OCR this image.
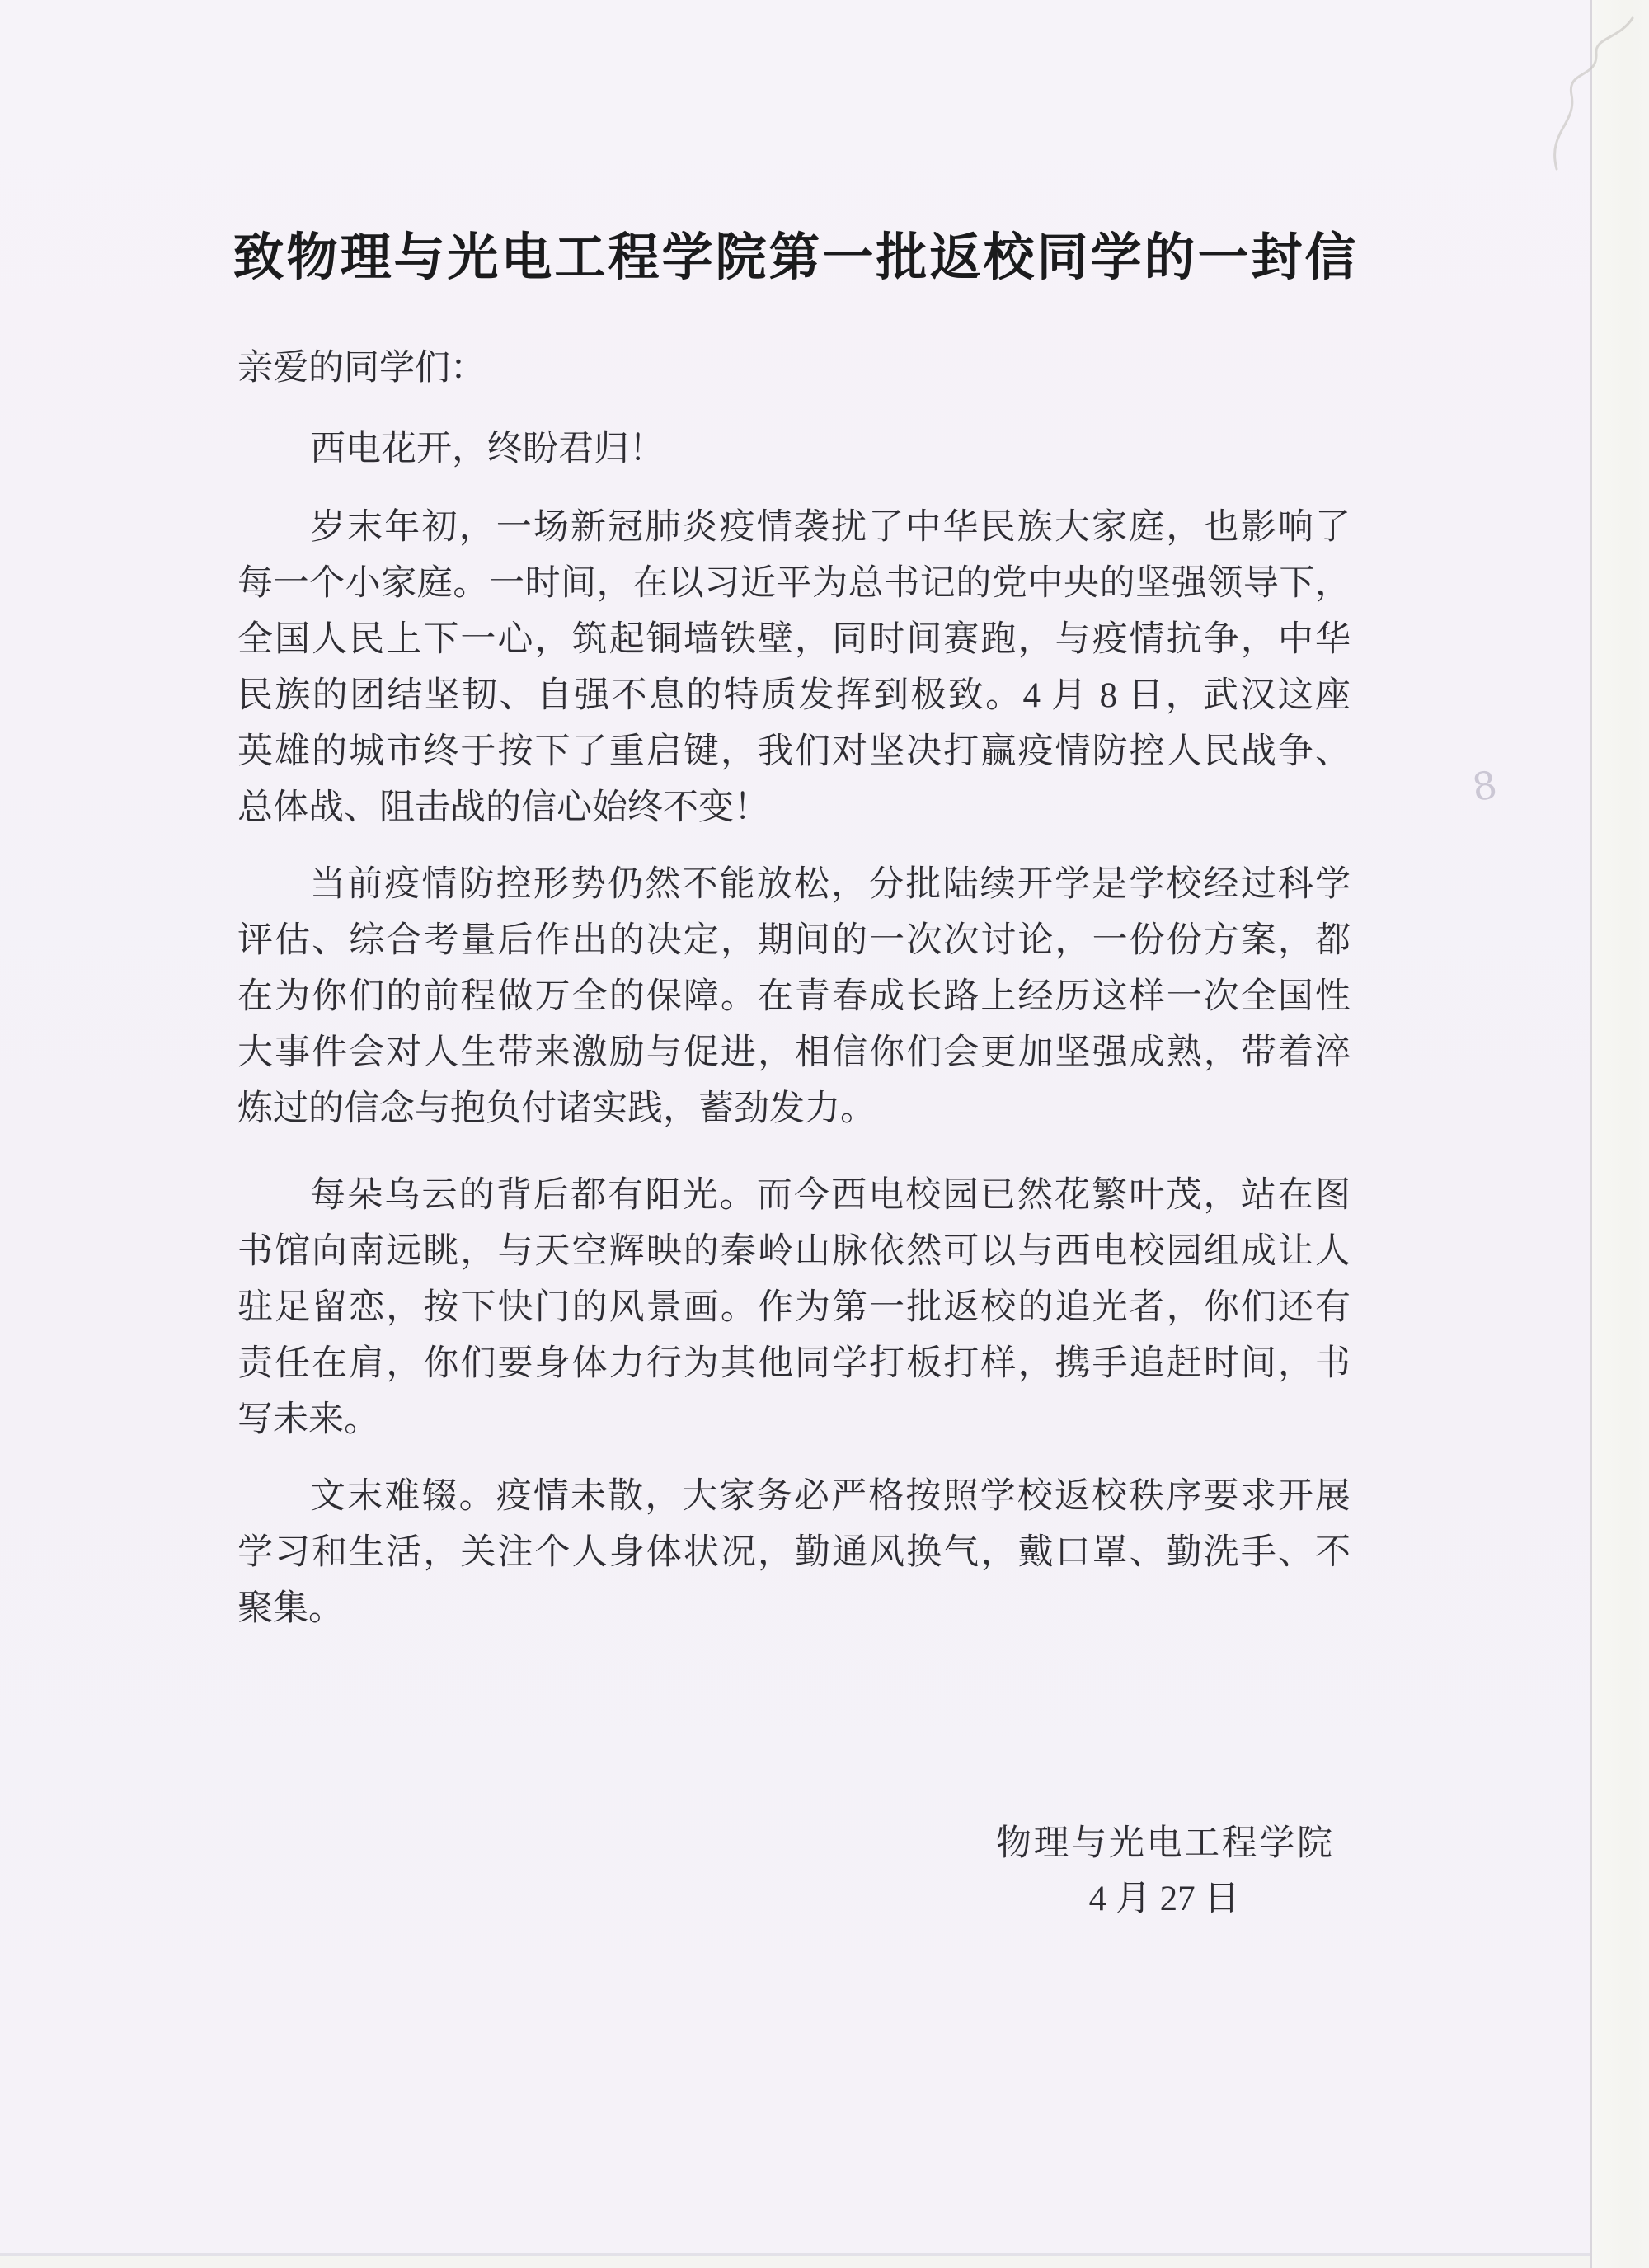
致物理与光电工程学院第一批返校同学的一封信
亲爱的同学们：
西电花开，终盼君归！
岁末年初，一场新冠肺炎疫情袭扰了中华民族大家庭，也影响了
每一个小家庭。一时间，在以习近平为总书记的党中央的坚强领导下，
全国人民上下一心，筑起铜墙铁壁，同时间赛跑，与疫情抗争，中华
民族的团结坚韧、自强不息的特质发挥到极致。4 月 8 日，武汉这座
英雄的城市终于按下了重启键，我们对坚决打赢疫情防控人民战争、
总体战、阻击战的信心始终不变！
当前疫情防控形势仍然不能放松，分批陆续开学是学校经过科学
评估、综合考量后作出的决定，期间的一次次讨论，一份份方案，都
在为你们的前程做万全的保障。在青春成长路上经历这样一次全国性
大事件会对人生带来激励与促进，相信你们会更加坚强成熟，带着淬
炼过的信念与抱负付诸实践，蓄劲发力。
每朵乌云的背后都有阳光。而今西电校园已然花繁叶茂，站在图
书馆向南远眺，与天空辉映的秦岭山脉依然可以与西电校园组成让人
驻足留恋，按下快门的风景画。作为第一批返校的追光者，你们还有
责任在肩，你们要身体力行为其他同学打板打样，携手追赶时间，书
写未来。
文末难辍。疫情未散，大家务必严格按照学校返校秩序要求开展
学习和生活，关注个人身体状况，勤通风换气，戴口罩、勤洗手、不
聚集。
物理与光电工程学院
4 月 27 日
8
